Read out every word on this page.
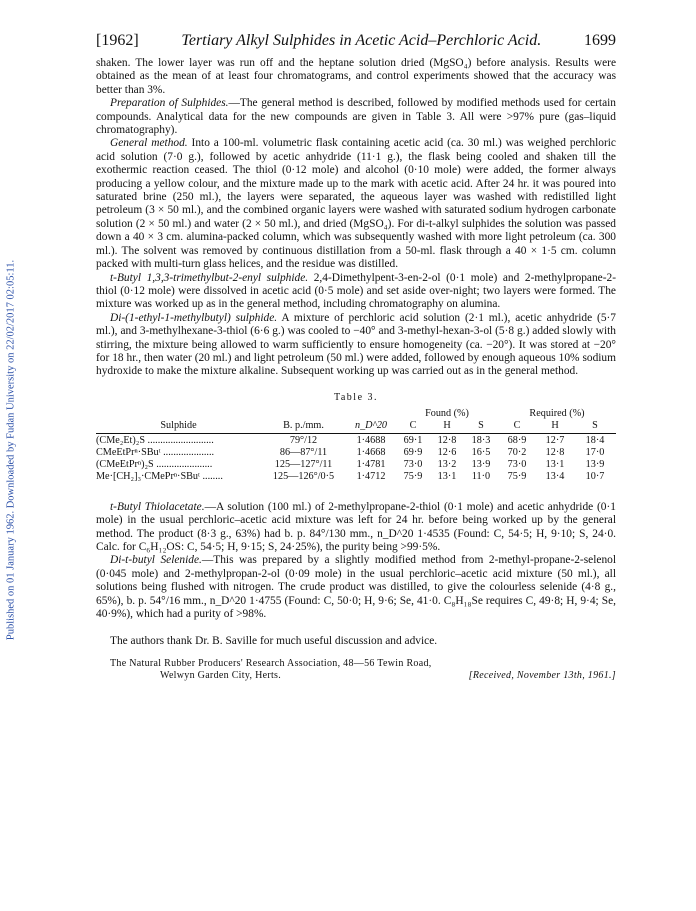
Published on 01 January 1962. Downloaded by Fudan University on 22/02/2017 02:05:11.
[1962]	Tertiary Alkyl Sulphides in Acetic Acid–Perchloric Acid.	1699

shaken. The lower layer was run off and the heptane solution dried (MgSO₄) before analysis. Results were obtained as the mean of at least four chromatograms, and control experiments showed that the accuracy was better than 3%.

Preparation of Sulphides.—The general method is described, followed by modified methods used for certain compounds. Analytical data for the new compounds are given in Table 3. All were >97% pure (gas–liquid chromatography).

General method. Into a 100-ml. volumetric flask containing acetic acid (ca. 30 ml.) was weighed perchloric acid solution (7·0 g.), followed by acetic anhydride (11·1 g.), the flask being cooled and shaken till the exothermic reaction ceased. The thiol (0·12 mole) and alcohol (0·10 mole) were added, the former always producing a yellow colour, and the mixture made up to the mark with acetic acid. After 24 hr. it was poured into saturated brine (250 ml.), the layers were separated, the aqueous layer was washed with redistilled light petroleum (3 × 50 ml.), and the combined organic layers were washed with saturated sodium hydrogen carbonate solution (2 × 50 ml.) and water (2 × 50 ml.), and dried (MgSO₄). For di-t-alkyl sulphides the solution was passed down a 40 × 3 cm. alumina-packed column, which was subsequently washed with more light petroleum (ca. 300 ml.). The solvent was removed by continuous distillation from a 50-ml. flask through a 40 × 1·5 cm. column packed with multi-turn glass helices, and the residue was distilled.

t-Butyl 1,3,3-trimethylbut-2-enyl sulphide. 2,4-Dimethylpent-3-en-2-ol (0·1 mole) and 2-methylpropane-2-thiol (0·12 mole) were dissolved in acetic acid (0·5 mole) and set aside over-night; two layers were formed. The mixture was worked up as in the general method, including chromatography on alumina.

Di-(1-ethyl-1-methylbutyl) sulphide. A mixture of perchloric acid solution (2·1 ml.), acetic anhydride (5·7 ml.), and 3-methylhexane-3-thiol (6·6 g.) was cooled to −40° and 3-methyl-hexan-3-ol (5·8 g.) added slowly with stirring, the mixture being allowed to warm sufficiently to ensure homogeneity (ca. −20°). It was stored at −20° for 18 hr., then water (20 ml.) and light petroleum (50 ml.) were added, followed by enough aqueous 10% sodium hydroxide to make the mixture alkaline. Subsequent working up was carried out as in the general method.

Table 3.
			Found (%)			Required (%)		
Sulphide	B. p./mm.	n_D^20	C	H	S	C	H	S

(CMe₂Et)₂S ..........................	79°/12	1·4688	69·1	12·8	18·3	68·9	12·7	18·4
CMeEtPrⁿ·SBuᵗ ....................	86—87°/11	1·4668	69·9	12·6	16·5	70·2	12·8	17·0
(CMeEtPrⁿ)₂S ......................	125—127°/11	1·4781	73·0	13·2	13·9	73·0	13·1	13·9
Me·[CH₂]₃·CMePrⁿ·SBuᵗ ........	125—126°/0·5	1·4712	75·9	13·1	11·0	75·9	13·4	10·7

t-Butyl Thiolacetate.—A solution (100 ml.) of 2-methylpropane-2-thiol (0·1 mole) and acetic anhydride (0·1 mole) in the usual perchloric–acetic acid mixture was left for 24 hr. before being worked up by the general method. The product (8·3 g., 63%) had b. p. 84°/130 mm., n_D^20 1·4535 (Found: C, 54·5; H, 9·10; S, 24·0. Calc. for C₆H₁₂OS: C, 54·5; H, 9·15; S, 24·25%), the purity being >99·5%.

Di-t-butyl Selenide.—This was prepared by a slightly modified method from 2-methyl-propane-2-selenol (0·045 mole) and 2-methylpropan-2-ol (0·09 mole) in the usual perchloric–acetic acid mixture (50 ml.), all solutions being flushed with nitrogen. The crude product was distilled, to give the colourless selenide (4·8 g., 65%), b. p. 54°/16 mm., n_D^20 1·4755 (Found: C, 50·0; H, 9·6; Se, 41·0. C₈H₁₈Se requires C, 49·8; H, 9·4; Se, 40·9%), which had a purity of >98%.

The authors thank Dr. B. Saville for much useful discussion and advice.

The Natural Rubber Producers' Research Association, 48—56 Tewin Road,
Welwyn Garden City, Herts.	[Received, November 13th, 1961.]
